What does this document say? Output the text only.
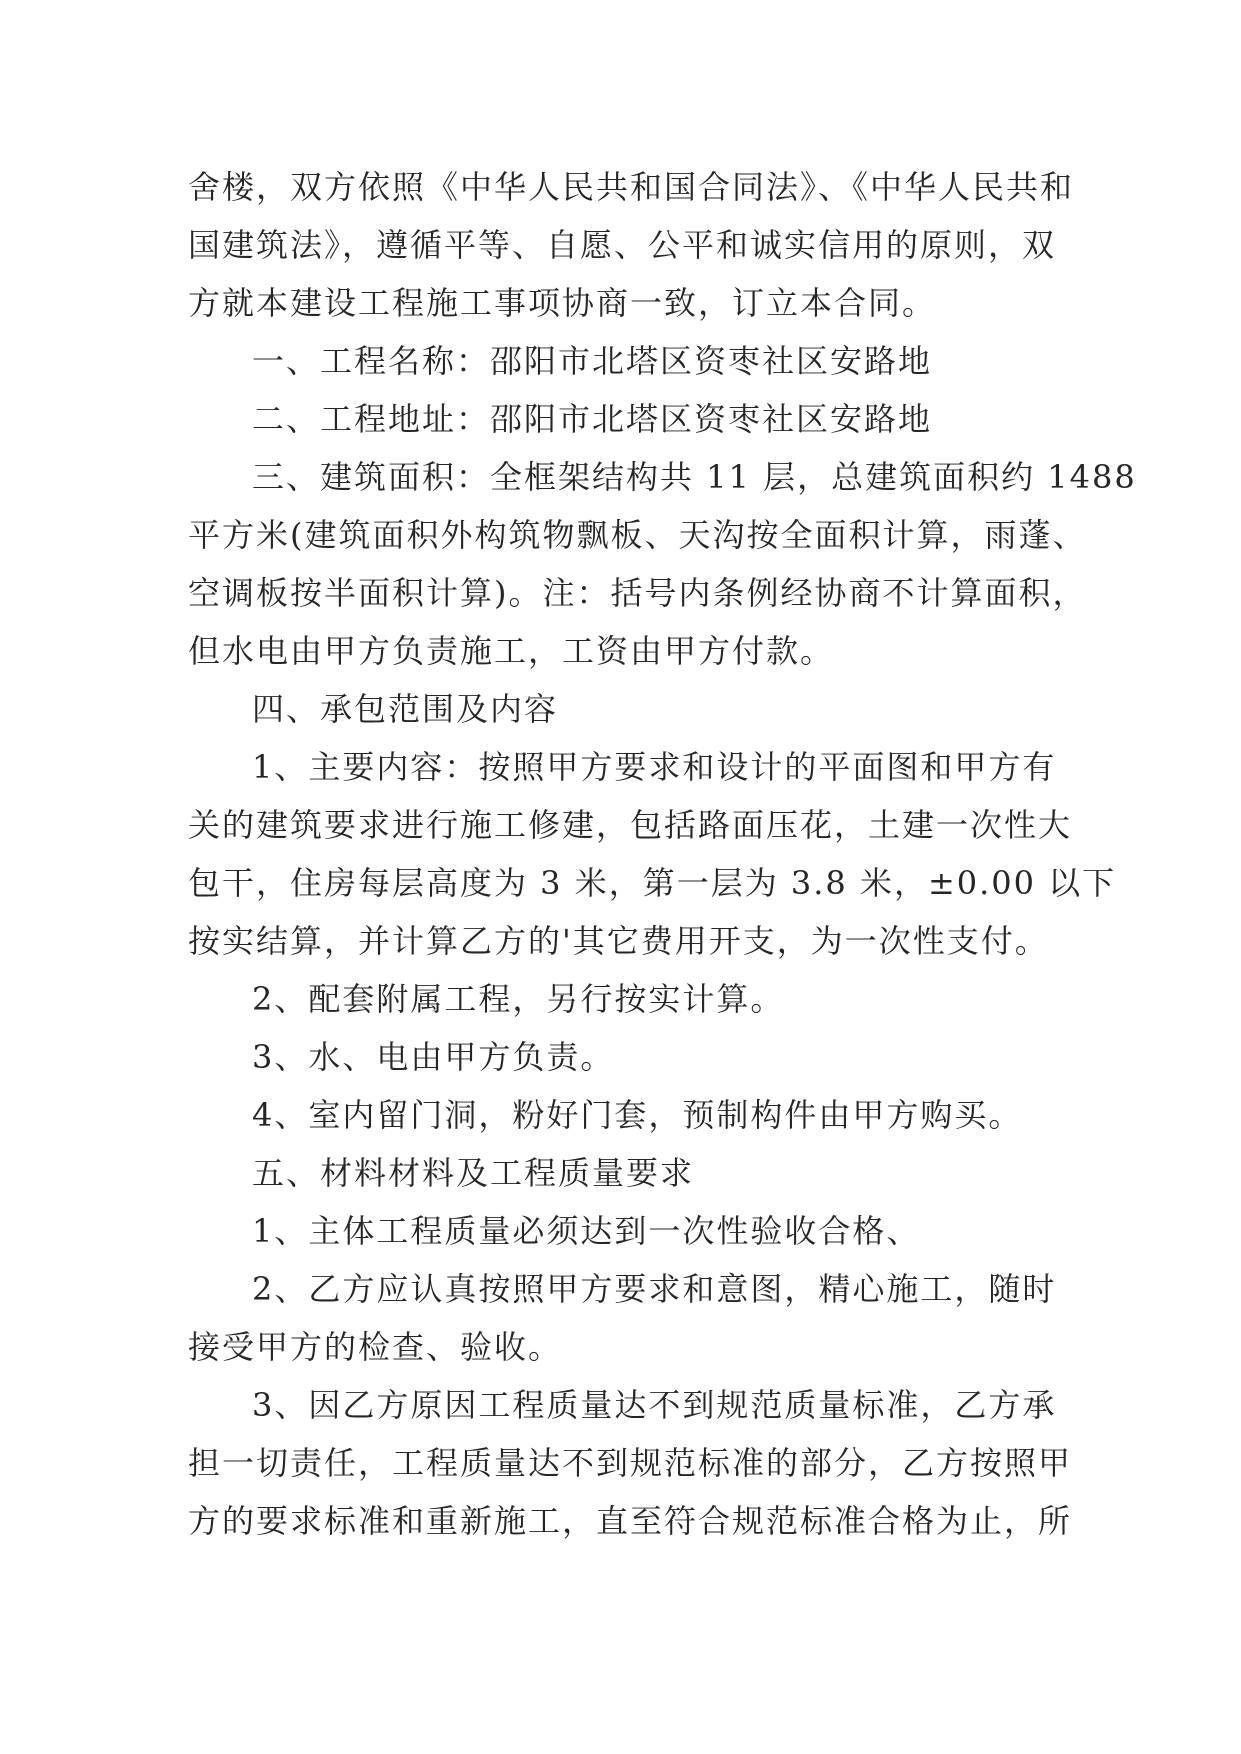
舍楼，双方依照《中华人民共和国合同法》、《中华人民共和
国建筑法》，遵循平等、自愿、公平和诚实信用的原则，双
方就本建设工程施工事项协商一致，订立本合同。
一、工程名称：邵阳市北塔区资枣社区安路地
二、工程地址：邵阳市北塔区资枣社区安路地
三、建筑面积：全框架结构共 11 层，总建筑面积约 1488
平方米(建筑面积外构筑物飘板、天沟按全面积计算，雨蓬、
空调板按半面积计算)。注：括号内条例经协商不计算面积，
但水电由甲方负责施工，工资由甲方付款。
四、承包范围及内容
1、主要内容：按照甲方要求和设计的平面图和甲方有
关的建筑要求进行施工修建，包括路面压花，土建一次性大
包干，住房每层高度为 3 米，第一层为 3.8 米，±0.00 以下
按实结算，并计算乙方的'其它费用开支，为一次性支付。
2、配套附属工程，另行按实计算。
3、水、电由甲方负责。
4、室内留门洞，粉好门套，预制构件由甲方购买。
五、材料材料及工程质量要求
1、主体工程质量必须达到一次性验收合格、
2、乙方应认真按照甲方要求和意图，精心施工，随时
接受甲方的检查、验收。
3、因乙方原因工程质量达不到规范质量标准，乙方承
担一切责任，工程质量达不到规范标准的部分，乙方按照甲
方的要求标准和重新施工，直至符合规范标准合格为止，所
